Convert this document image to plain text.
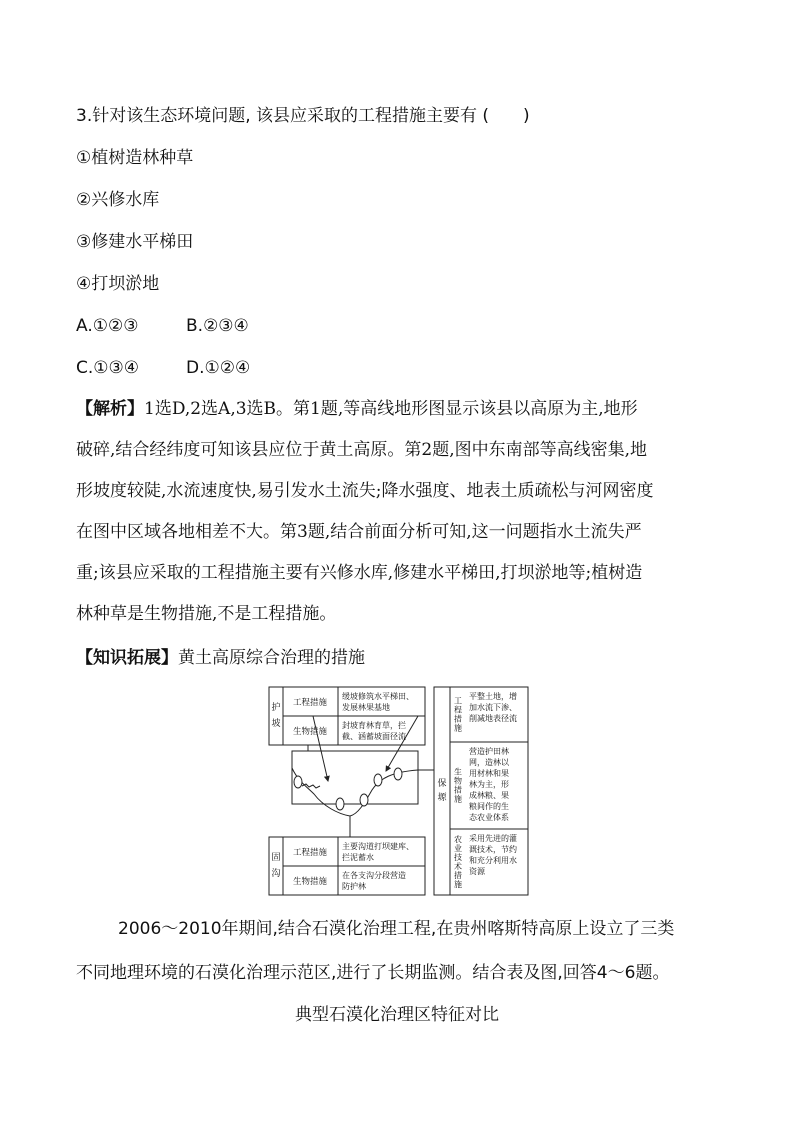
3.针对该生态环境问题, 该县应采取的工程措施主要有 (　　)
①植树造林种草
②兴修水库
③修建水平梯田
④打坝淤地
A.①②③	B.②③④
C.①③④	D.①②④
【解析】1选D,2选A,3选B。第1题,等高线地形图显示该县以高原为主,地形
破碎,结合经纬度可知该县应位于黄土高原。第2题,图中东南部等高线密集,地
形坡度较陡,水流速度快,易引发水土流失;降水强度、地表土质疏松与河网密度
在图中区域各地相差不大。第3题,结合前面分析可知,这一问题指水土流失严
重;该县应采取的工程措施主要有兴修水库,修建水平梯田,打坝淤地等;植树造
林种草是生物措施,不是工程措施。
【知识拓展】黄土高原综合治理的措施
护
坡
工程措施
缓坡修筑水平梯田、
发展林果基地
生物措施
封坡育林育草，拦
截、涵蓄坡面径流
固
沟
工程措施
主要沟道打坝建库、
拦泥蓄水
生物措施
在各支沟分段营造
防护林
保
塬
工
程
措
施
生
物
措
施
农
业
技
术
措
施
平整土地，增
加水流下渗、
削减地表径流
营造护田林
网，造林以
用材林和果
林为主，形
成林粮、果
粮间作的生
态农业体系
采用先进的灌
溉技术，节约
和充分利用水
资源
2006～2010年期间,结合石漠化治理工程,在贵州喀斯特高原上设立了三类
不同地理环境的石漠化治理示范区,进行了长期监测。结合表及图,回答4～6题。
典型石漠化治理区特征对比
